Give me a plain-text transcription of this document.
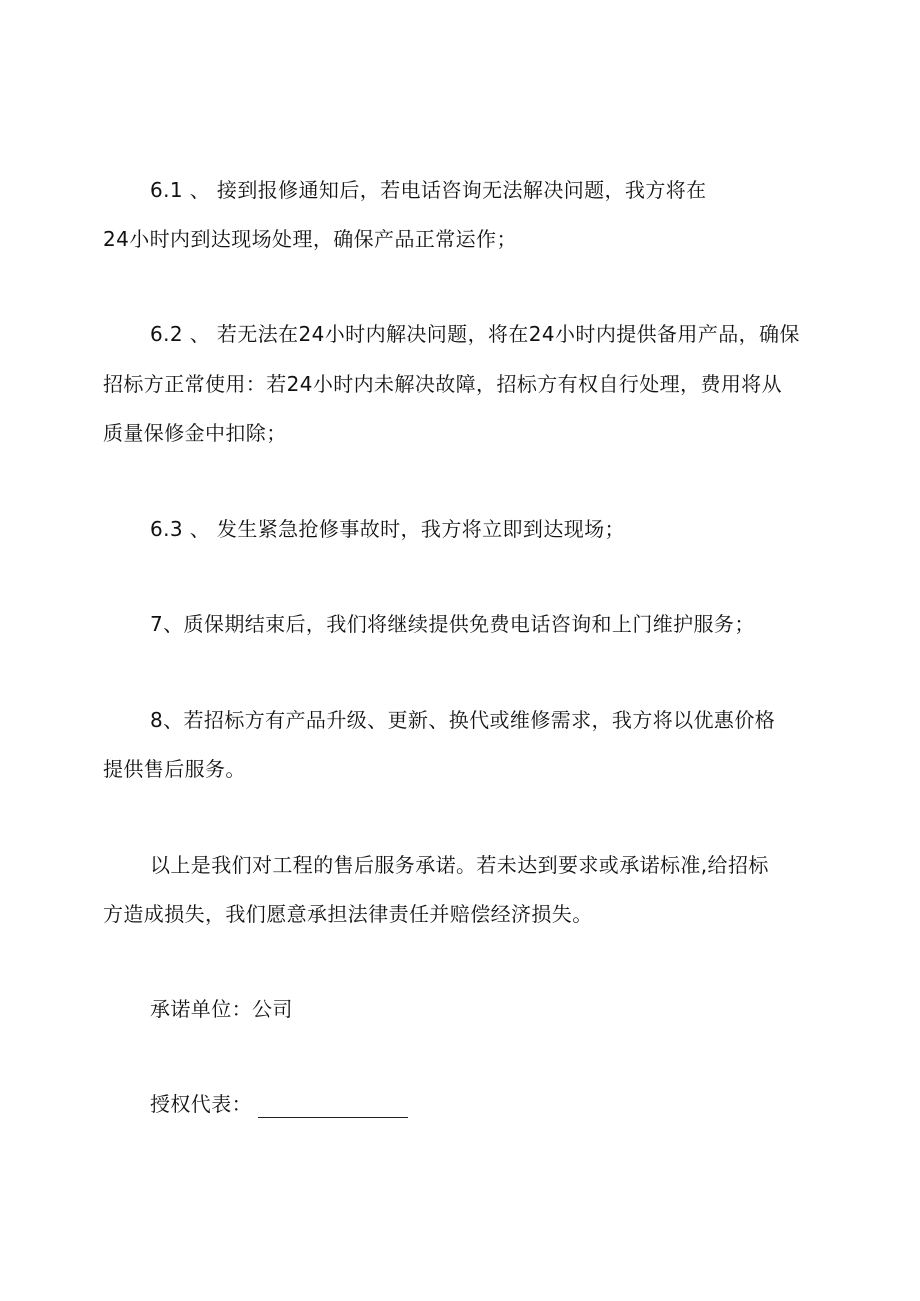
6.1 、 接到报修通知后，若电话咨询无法解决问题，我方将在
24小时内到达现场处理，确保产品正常运作；
6.2 、 若无法在24小时内解决问题，将在24小时内提供备用产品，确保
招标方正常使用：若24小时内未解决故障，招标方有权自行处理，费用将从
质量保修金中扣除；
6.3 、 发生紧急抢修事故时，我方将立即到达现场；
7、质保期结束后，我们将继续提供免费电话咨询和上门维护服务；
8、若招标方有产品升级、更新、换代或维修需求，我方将以优惠价格
提供售后服务。
以上是我们对工程的售后服务承诺。若未达到要求或承诺标准,给招标
方造成损失，我们愿意承担法律责任并赔偿经济损失。
承诺单位：公司
授权代表：
